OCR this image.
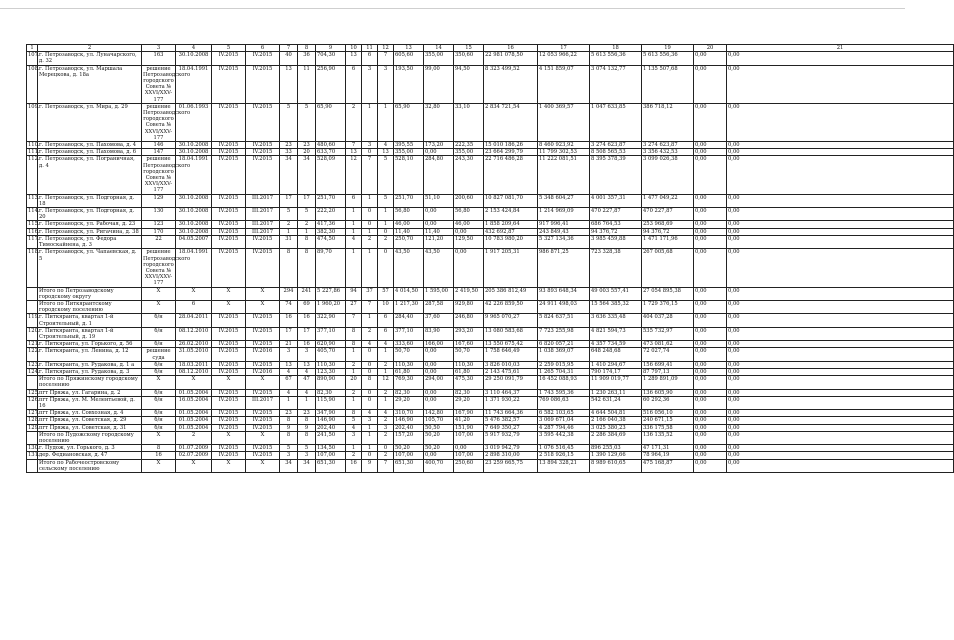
1	2	3	4	5	6	7	8	9	10	11	12	13	14	15	16	17	18	19	20	21
107.	г. Петрозаводск, ул. Луначарского, д. 32	163	30.10.2008	IV.2015	IV.2015	40	36	704,30	13	6	7	605,60	355,00	350,60	22 981 078,50	12 053 966,22	5 613 556,36	5 613 556,36	0,00	0,00
108.	г. Петрозаводск, ул. Маршала Мерецкова, д. 18а	решение Петрозаводского городского Совета № XXVI/XXV-177	18.04.1991	IV.2015	IV.2015	13	11	256,90	6	3	3	193,50	99,00	94,50	8 323 499,52	4 151 859,07	3 074 132,77	1 135 507,68	0,00	0,00
109.	г. Петрозаводск, ул. Мира, д. 29	решение Петрозаводского городского Совета № XXVI/XXV-177	01.06.1993	IV.2015	IV.2015	5	5	65,90	2	1	1	65,90	32,80	33,10	2 834 721,54	1 400 369,57	1 047 633,85	386 718,12	0,00	0,00
110.	г. Петрозаводск, ул. Пахомова, д. 4	146	30.10.2008	IV.2015	IV.2015	23	23	480,60	7	3	4	395,55	173,20	222,35	15 010 186,26	8 460 923,92	3 274 623,87	3 274 623,87	0,00	0,00
111.	г. Петрозаводск, ул. Пахомова, д. 6	147	30.10.2008	IV.2015	IV.2015	33	20	633,70	13	0	13	355,00	0,00	355,00	23 664 299,79	11 799 302,53	8 508 565,53	3 356 432,53	0,00	0,00
112.	г. Петрозаводск, ул. Пограничная, д. 4	решение Петрозаводского городского Совета № XXVI/XXV-177	18.04.1991	IV.2015	IV.2015	34	34	528,09	12	7	5	528,10	284,80	243,30	22 716 486,28	11 222 081,51	8 395 378,39	3 099 026,38	0,00	0,00
113.	г. Петрозаводск, ул. Подгорная, д. 18	129	30.10.2008	IV.2015	III.2017	17	17	251,70	6	1	5	251,70	51,10	200,60	10 827 081,70	5 348 604,27	4 001 357,31	1 477 049,22	0,00	0,00
114.	г. Петрозаводск, ул. Подгорная, д. 20	130	30.10.2008	IV.2015	III.2017	5	5	222,20	1	0	1	56,80	0,00	56,80	2 153 424,84	1 214 969,09	470 227,87	470 227,87	0,00	0,00
115.	г. Петрозаводск, ул. Рабочая, д. 23	123	30.10.2008	IV.2015	III.2017	2	2	417,36	1	0	1	46,00	0,00	46,00	1 858 209,64	917 996,41	686 764,53	253 968,69	0,00	0,00
116.	г. Петрозаводск, ул. Ригачина, д. 38	170	30.10.2008	IV.2015	III.2017	1	1	382,30	1	1	0	11,40	11,40	0,00	432 692,87	243 849,43	94 376,72	94 376,72	0,00	0,00
117.	г. Петрозаводск, ул. Федора Тимоскайнена, д. 3	22	04.05.2007	IV.2015	IV.2015	31	8	474,50	4	2	2	250,70	121,20	129,50	10 783 980,20	5 327 134,36	3 985 459,88	1 471 171,96	0,00	0,00
118.	г. Петрозаводск, ул. Чапаевская, д. 5	решение Петрозаводского городского Совета № XXVI/XXV-177	18.04.1991	IV.2015	IV.2015	8	8	89,70	1	1	0	43,50	43,50	0,00	1 917 205,31	986 871,25	723 328,38	267 005,68	0,00	0,00
	Итого по Петрозаводскому городскому округу	X	X	X	X	294	241	5 227,86	94	37	57	4 014,50	1 595,00	2 419,50	205 386 812,49	93 893 648,34	49 003 557,41	27 054 895,38	0,00	0,00
	Итого по Питкярантскому городскому поселению	X	6	X	X	74	69	1 960,20	27	7	10	1 217,30	287,58	929,80	42 226 859,50	24 911 498,03	15 564 385,32	1 729 376,15	0,00	0,00
119.	г. Питкяранта, квартал 1-й Строительный, д. 1	б/н	28.04.2011	IV.2015	IV.2015	16	16	322,90	7	1	6	284,40	37,60	246,80	9 965 070,27	5 824 637,51	3 636 335,48	404 037,28	0,00	0,00
120.	г. Питкяранта, квартал 1-й Строительный, д. 19	б/н	08.12.2010	IV.2015	IV.2015	17	17	377,10	8	2	6	377,10	83,90	293,20	13 080 583,68	7 723 255,98	4 821 594,73	535 732,97	0,00	0,00
121.	г. Питкяранта, ул. Горького, д. 56	б/н	26.02.2010	IV.2015	IV.2015	21	16	620,90	8	4	4	333,60	166,00	167,60	13 550 675,42	6 820 057,21	4 357 734,59	473 081,62	0,00	0,00
122.	г. Питкяранта, ул. Ленина, д. 12	решение суда	31.05.2010	IV.2015	IV.2016	3	3	405,70	1	0	1	50,70	0,00	50,70	1 758 646,49	1 038 369,07	648 248,68	72 027,74	0,00	0,00
123.	г. Питкяранта, ул. Рудакова, д. 1 а	б/н	18.03.2011	IV.2015	IV.2015	13	13	110,30	2	0	2	110,30	0,00	110,30	3 826 010,03	2 259 015,95	1 410 294,67	156 699,41	0,00	0,00
124.	г. Питкяранта, ул. Рудакова, д. 3	б/н	08.12.2010	IV.2015	IV.2016	4	4	123,30	1	0	1	61,80	0,00	61,80	2 143 475,61	1 265 704,31	790 174,17	87 797,13	0,00	0,00
	Итого по Пряжинскому городскому поселению	X	X	X	X	67	47	890,90	20	8	12	769,30	294,00	475,30	29 250 091,79	16 452 088,93	11 909 019,77	1 289 891,09	0,00	0,00
125.	пгт Пряжа, ул. Гагарина, д. 2	б/н	01.05.2004	IV.2015	IV.2015	4	4	82,30	2	0	2	82,30	0,00	82,30	3 110 464,37	1 743 595,36	1 230 263,11	136 605,90	0,00	0,00
126.	пгт Пряжа, ул. М. Мелентьевой, д. 16	б/н	16.05.2004	IV.2015	III.2017	1	1	115,90	1	0	1	29,20	0,00	29,20	1 371 930,22	769 086,63	542 631,24	60 292,36	0,00	0,00
127.	пгт Пряжа, ул. Совхозная, д. 4	б/н	01.05.2004	IV.2015	IV.2015	23	23	347,90	8	4	4	310,70	142,80	167,90	11 743 664,36	6 582 103,65	4 644 504,81	516 056,10	0,00	0,00
128.	пгт Пряжа, ул. Советская, д. 29	б/н	01.05.2004	IV.2015	IV.2015	8	8	146,90	5	3	2	146,90	105,70	41,20	5 476 382,57	3 069 671,04	2 166 040,38	240 671,15	0,00	0,00
129.	пгт Пряжа, ул. Советская, д. 31	б/н	01.05.2004	IV.2015	IV.2015	9	9	202,40	4	1	3	202,40	50,50	151,90	7 649 350,27	4 287 794,46	3 025 380,23	336 175,58	0,00	0,00
	Итого по Пудожскому городскому поселению	X	2	X	X	8	8	241,50	3	1	2	157,20	50,20	107,00	5 917 932,79	3 595 442,38	2 286 384,69	136 135,52	0,00	0,00
130.	г. Пудож, ул. Горького, д. 3	8	01.07.2009	IV.2015	IV.2015	5	5	134,50	1	1	0	50,20	50,20	0,00	3 019 942,79	1 076 516,45	896 255,03	47 171,31	0,00	0,00
131.	дер. Федиановская, д. 47	16	02.07.2009	IV.2015	IV.2015	3	3	107,00	2	0	2	107,00	0,00	107,00	2 898 310,00	2 518 926,15	1 390 129,66	78 964,19	0,00	0,00
	Итого по Рабочеостровскому сельскому поселению	X	X	X	X	34	34	651,30	16	9	7	651,30	400,70	250,60	23 259 665,75	13 894 328,21	8 989 610,65	475 168,87	0,00	0,00
